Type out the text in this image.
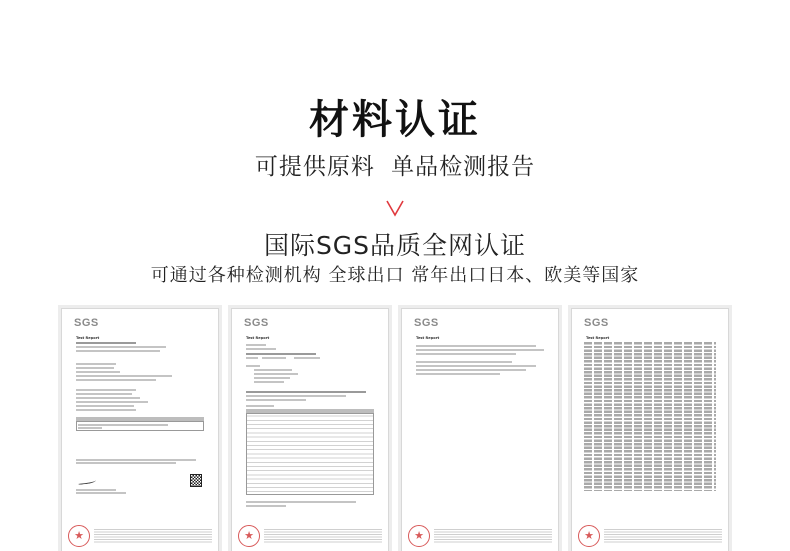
材料认证
可提供原料 单品检测报告
国际SGS品质全网认证
可通过各种检测机构 全球出口 常年出口日本、欧美等国家
SGS
Test Report
★
SGS
Test Report
★
SGS
Test Report
★
SGS
Test Report
★
